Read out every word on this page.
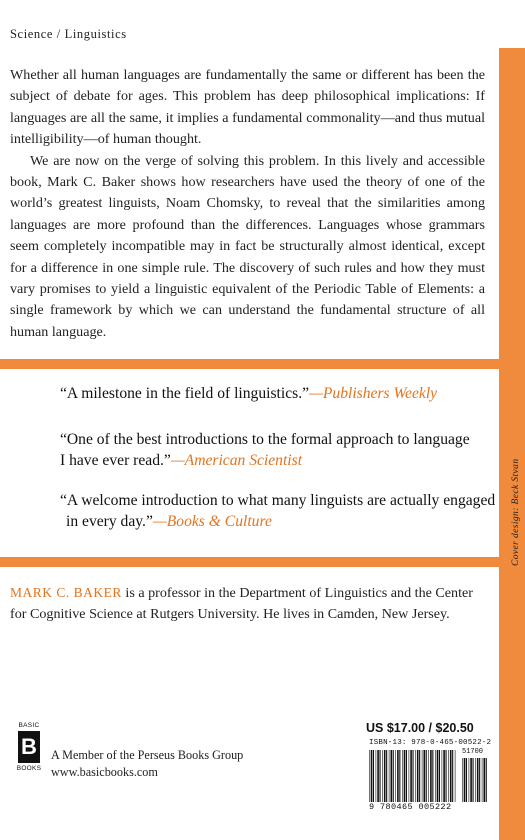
Science / Linguistics

Whether all human languages are fundamentally the same or different has been the subject of debate for ages. This problem has deep philosophical implications: If languages are all the same, it implies a fundamental commonality—and thus mutual intelligibility—of human thought.

We are now on the verge of solving this problem. In this lively and accessible book, Mark C. Baker shows how researchers have used the theory of one of the world’s greatest linguists, Noam Chomsky, to reveal that the similarities among languages are more profound than the differences. Languages whose grammars seem completely incompatible may in fact be structurally almost identical, except for a difference in one simple rule. The discovery of such rules and how they must vary promises to yield a linguistic equivalent of the Periodic Table of Elements: a single framework by which we can understand the fundamental structure of all human language.

“A milestone in the field of linguistics.”—Publishers Weekly
“One of the best introductions to the formal approach to language
I have ever read.”—American Scientist
“A welcome introduction to what many linguists are actually engaged
in every day.”—Books & Culture	Cover design: Beck Stvan
MARK C. BAKER is a professor in the Department of Linguistics and the Center for Cognitive Science at Rutgers University. He lives in Camden, New Jersey.
BASIC
B
BOOKS
A Member of the Perseus Books Group
www.basicbooks.com
US $17.00 / $20.50
ISBN-13: 978-0-465-00522-2
51700
9 780465 005222
